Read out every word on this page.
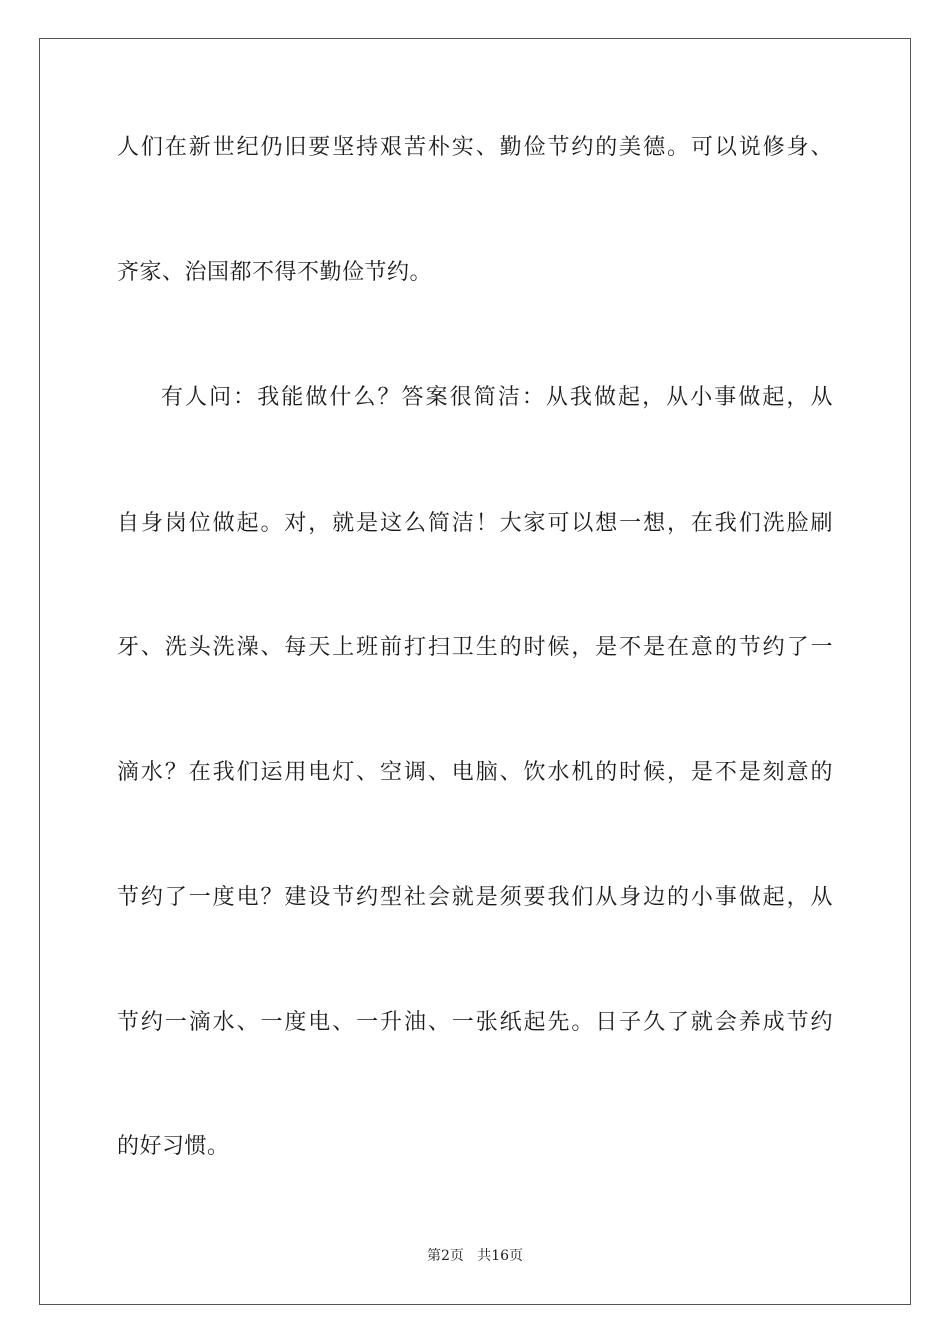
人们在新世纪仍旧要坚持艰苦朴实、勤俭节约的美德。可以说修身、
齐家、治国都不得不勤俭节约。
有人问：我能做什么？答案很简洁：从我做起，从小事做起，从
自身岗位做起。对，就是这么简洁！大家可以想一想，在我们洗脸刷
牙、洗头洗澡、每天上班前打扫卫生的时候，是不是在意的节约了一
滴水？在我们运用电灯、空调、电脑、饮水机的时候，是不是刻意的
节约了一度电？建设节约型社会就是须要我们从身边的小事做起，从
节约一滴水、一度电、一升油、一张纸起先。日子久了就会养成节约
的好习惯。
第2页   共16页
